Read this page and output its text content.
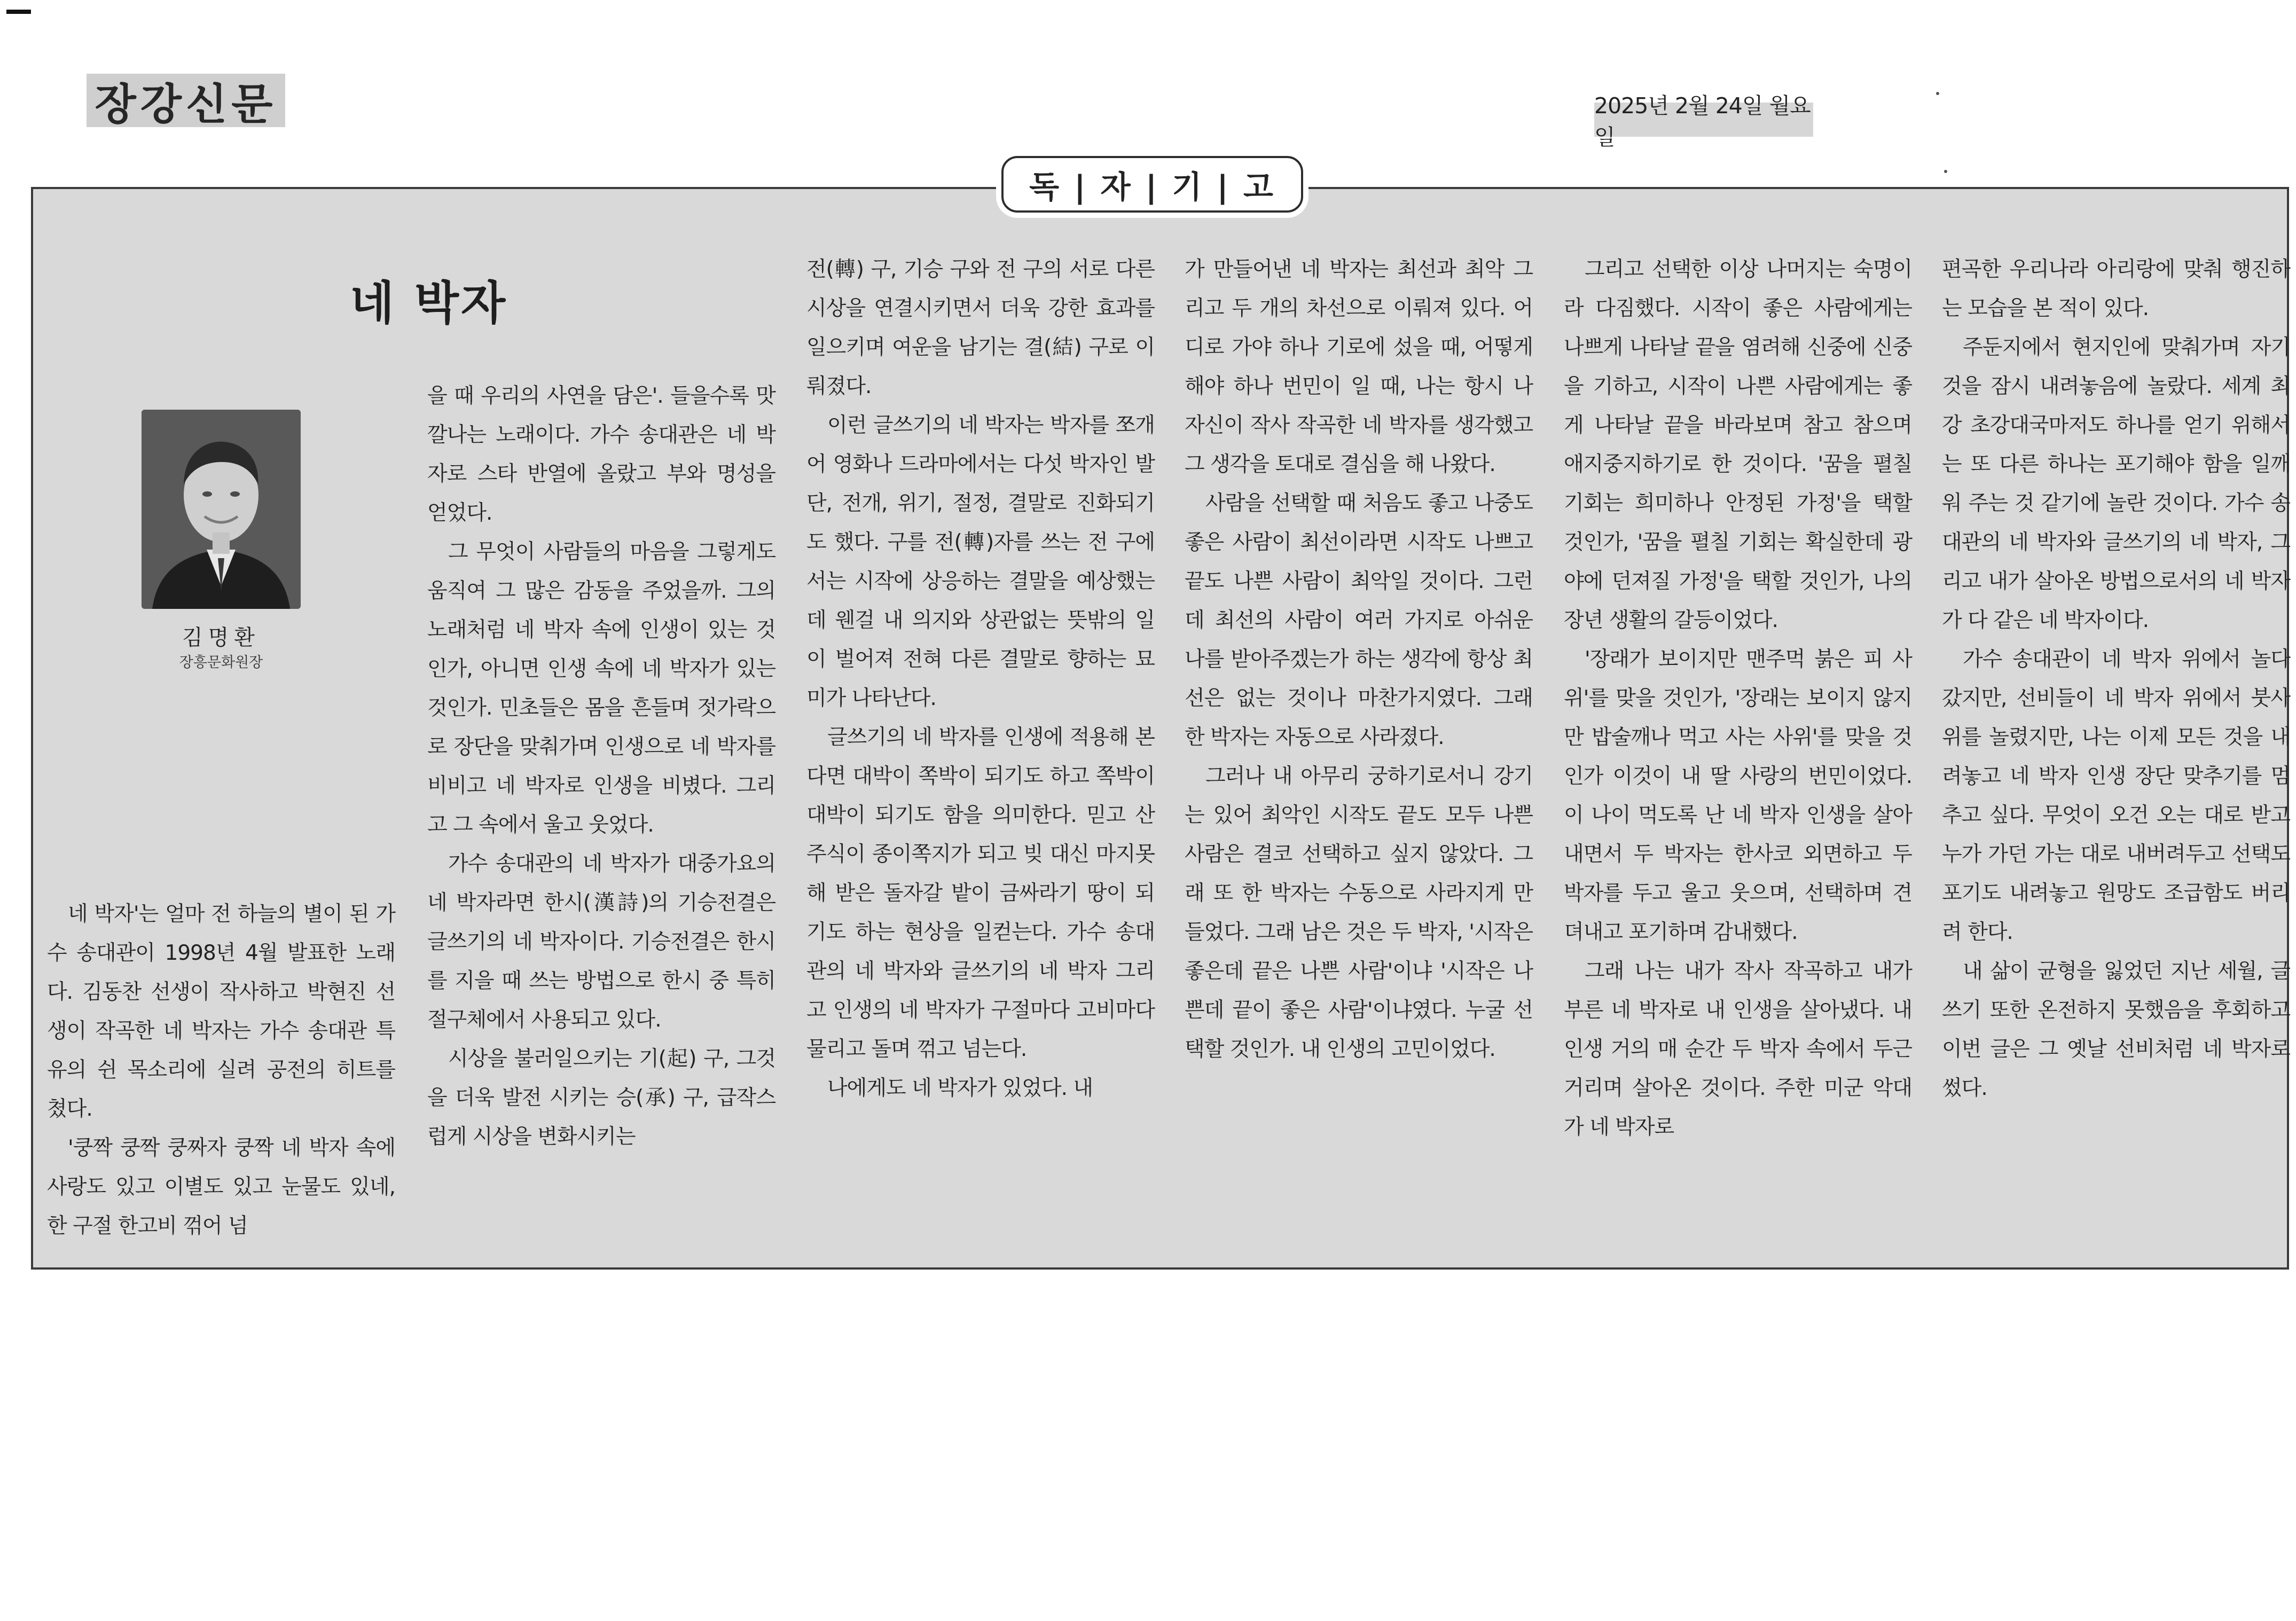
장강신문	2025년 2월 24일 월요일
독 | 자 | 기 | 고
네 박자
김명환
장흥문화원장

네 박자'는 얼마 전 하늘의 별이 된 가수 송대관이 1998년 4월 발표한 노래다. 김동찬 선생이 작사하고 박현진 선생이 작곡한 네 박자는 가수 송대관 특유의 쉰 목소리에 실려 공전의 히트를 쳤다.

'쿵짝 쿵짝 쿵짜자 쿵짝 네 박자 속에 사랑도 있고 이별도 있고 눈물도 있네, 한 구절 한고비 꺾어 넘

을 때 우리의 사연을 담은'. 들을수록 맛깔나는 노래이다. 가수 송대관은 네 박자로 스타 반열에 올랐고 부와 명성을 얻었다.

그 무엇이 사람들의 마음을 그렇게도 움직여 그 많은 감동을 주었을까. 그의 노래처럼 네 박자 속에 인생이 있는 것인가, 아니면 인생 속에 네 박자가 있는 것인가. 민초들은 몸을 흔들며 젓가락으로 장단을 맞춰가며 인생으로 네 박자를 비비고 네 박자로 인생을 비볐다. 그리고 그 속에서 울고 웃었다.

가수 송대관의 네 박자가 대중가요의 네 박자라면 한시(漢詩)의 기승전결은 글쓰기의 네 박자이다. 기승전결은 한시를 지을 때 쓰는 방법으로 한시 중 특히 절구체에서 사용되고 있다.

시상을 불러일으키는 기(起) 구, 그것을 더욱 발전 시키는 승(承) 구, 급작스럽게 시상을 변화시키는

전(轉) 구, 기승 구와 전 구의 서로 다른 시상을 연결시키면서 더욱 강한 효과를 일으키며 여운을 남기는 결(結) 구로 이뤄졌다.

이런 글쓰기의 네 박자는 박자를 쪼개어 영화나 드라마에서는 다섯 박자인 발단, 전개, 위기, 절정, 결말로 진화되기도 했다. 구를 전(轉)자를 쓰는 전 구에서는 시작에 상응하는 결말을 예상했는데 웬걸 내 의지와 상관없는 뜻밖의 일이 벌어져 전혀 다른 결말로 향하는 묘미가 나타난다.

글쓰기의 네 박자를 인생에 적용해 본다면 대박이 쪽박이 되기도 하고 쪽박이 대박이 되기도 함을 의미한다. 믿고 산 주식이 종이쪽지가 되고 빚 대신 마지못해 받은 돌자갈 밭이 금싸라기 땅이 되기도 하는 현상을 일컫는다. 가수 송대관의 네 박자와 글쓰기의 네 박자 그리고 인생의 네 박자가 구절마다 고비마다 물리고 돌며 꺾고 넘는다.

나에게도 네 박자가 있었다. 내

가 만들어낸 네 박자는 최선과 최악 그리고 두 개의 차선으로 이뤄져 있다. 어디로 가야 하나 기로에 섰을 때, 어떻게 해야 하나 번민이 일 때, 나는 항시 나 자신이 작사 작곡한 네 박자를 생각했고 그 생각을 토대로 결심을 해 나왔다.

사람을 선택할 때 처음도 좋고 나중도 좋은 사람이 최선이라면 시작도 나쁘고 끝도 나쁜 사람이 최악일 것이다. 그런데 최선의 사람이 여러 가지로 아쉬운 나를 받아주겠는가 하는 생각에 항상 최선은 없는 것이나 마찬가지였다. 그래 한 박자는 자동으로 사라졌다.

그러나 내 아무리 궁하기로서니 강기는 있어 최악인 시작도 끝도 모두 나쁜 사람은 결코 선택하고 싶지 않았다. 그래 또 한 박자는 수동으로 사라지게 만들었다. 그래 남은 것은 두 박자, '시작은 좋은데 끝은 나쁜 사람'이냐 '시작은 나쁜데 끝이 좋은 사람'이냐였다. 누굴 선택할 것인가. 내 인생의 고민이었다.

그리고 선택한 이상 나머지는 숙명이라 다짐했다. 시작이 좋은 사람에게는 나쁘게 나타날 끝을 염려해 신중에 신중을 기하고, 시작이 나쁜 사람에게는 좋게 나타날 끝을 바라보며 참고 참으며 애지중지하기로 한 것이다. '꿈을 펼칠 기회는 희미하나 안정된 가정'을 택할 것인가, '꿈을 펼칠 기회는 확실한데 광야에 던져질 가정'을 택할 것인가, 나의 장년 생활의 갈등이었다.

'장래가 보이지만 맨주먹 붉은 피 사위'를 맞을 것인가, '장래는 보이지 않지만 밥술깨나 먹고 사는 사위'를 맞을 것인가 이것이 내 딸 사랑의 번민이었다. 이 나이 먹도록 난 네 박자 인생을 살아내면서 두 박자는 한사코 외면하고 두 박자를 두고 울고 웃으며, 선택하며 견뎌내고 포기하며 감내했다.

그래 나는 내가 작사 작곡하고 내가 부른 네 박자로 내 인생을 살아냈다. 내 인생 거의 매 순간 두 박자 속에서 두근거리며 살아온 것이다. 주한 미군 악대가 네 박자로

편곡한 우리나라 아리랑에 맞춰 행진하는 모습을 본 적이 있다.

주둔지에서 현지인에 맞춰가며 자기 것을 잠시 내려놓음에 놀랐다. 세계 최강 초강대국마저도 하나를 얻기 위해서는 또 다른 하나는 포기해야 함을 일깨워 주는 것 같기에 놀란 것이다. 가수 송대관의 네 박자와 글쓰기의 네 박자, 그리고 내가 살아온 방법으로서의 네 박자가 다 같은 네 박자이다.

가수 송대관이 네 박자 위에서 놀다 갔지만, 선비들이 네 박자 위에서 붓사위를 놀렸지만, 나는 이제 모든 것을 내려놓고 네 박자 인생 장단 맞추기를 멈추고 싶다. 무엇이 오건 오는 대로 받고 누가 가던 가는 대로 내버려두고 선택도 포기도 내려놓고 원망도 조급함도 버리려 한다.

내 삶이 균형을 잃었던 지난 세월, 글쓰기 또한 온전하지 못했음을 후회하고 이번 글은 그 옛날 선비처럼 네 박자로 썼다.
